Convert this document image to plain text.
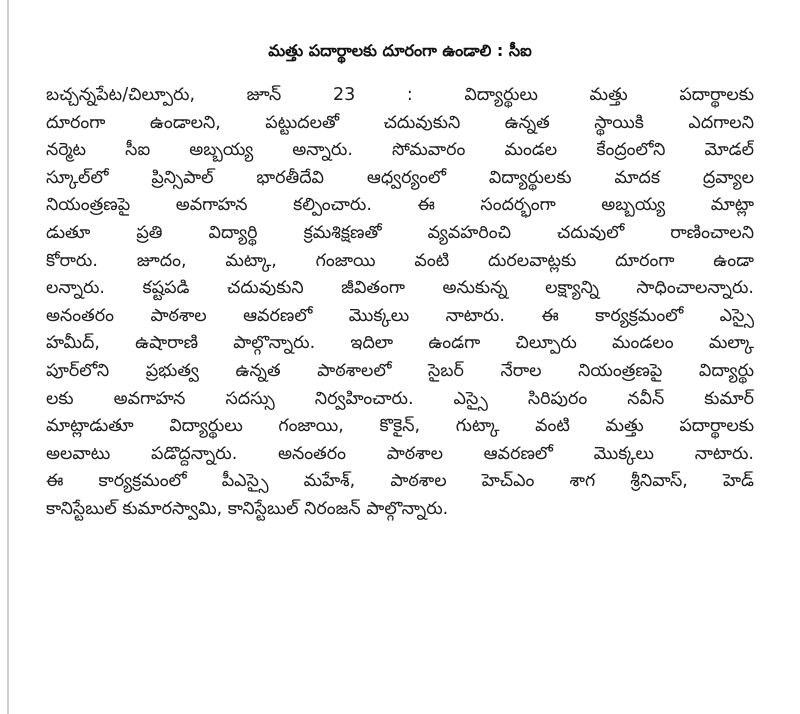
మత్తు పదార్థాలకు దూరంగా ఉండాలి : సీఐ
బచ్చన్నపేట/చిల్పూరు, జూన్ 23 : విద్యార్థులు మత్తు పదార్థాలకు
దూరంగా ఉండాలని, పట్టుదలతో చదువుకుని ఉన్నత స్థాయికి ఎదగాలని
నర్మెట సీఐ అబ్బయ్య అన్నారు. సోమవారం మండల కేంద్రంలోని మోడల్
స్కూల్‌లో ప్రిన్సిపాల్ భారతీదేవి ఆధ్వర్యంలో విద్యార్థులకు మాదక ద్రవ్యాల
నియంత్రణపై అవగాహన కల్పించారు. ఈ సందర్భంగా అబ్బయ్య మాట్లా
డుతూ ప్రతి విద్యార్థి క్రమశిక్షణతో వ్యవహరించి చదువులో రాణించాలని
కోరారు. జూదం, మట్కా, గంజాయి వంటి దురలవాట్లకు దూరంగా ఉండా
లన్నారు. కష్టపడి చదువుకుని జీవితంగా అనుకున్న లక్ష్యాన్ని సాధించాలన్నారు.
అనంతరం పాఠశాల ఆవరణలో మొక్కలు నాటారు. ఈ కార్యక్రమంలో ఎస్సై
హమీద్, ఉషారాణి పాల్గొన్నారు. ఇదిలా ఉండగా చిల్పూరు మండలం మల్కా
పూర్‌లోని ప్రభుత్వ ఉన్నత పాఠశాలలో సైబర్ నేరాల నియంత్రణపై విద్యార్థు
లకు అవగాహన సదస్సు నిర్వహించారు. ఎస్సై సిరిపురం నవీన్ కుమార్
మాట్లాడుతూ విద్యార్థులు గంజాయి, కొకైన్, గుట్కా వంటి మత్తు పదార్థాలకు
అలవాటు పడొద్దన్నారు. అనంతరం పాఠశాల ఆవరణలో మొక్కలు నాటారు.
ఈ కార్యక్రమంలో పీఎస్సై మహేశ్, పాఠశాల హెచ్ఎం శాగ శ్రీనివాస్, హెడ్
కానిస్టేబుల్ కుమారస్వామి, కానిస్టేబుల్ నిరంజన్ పాల్గొన్నారు.
